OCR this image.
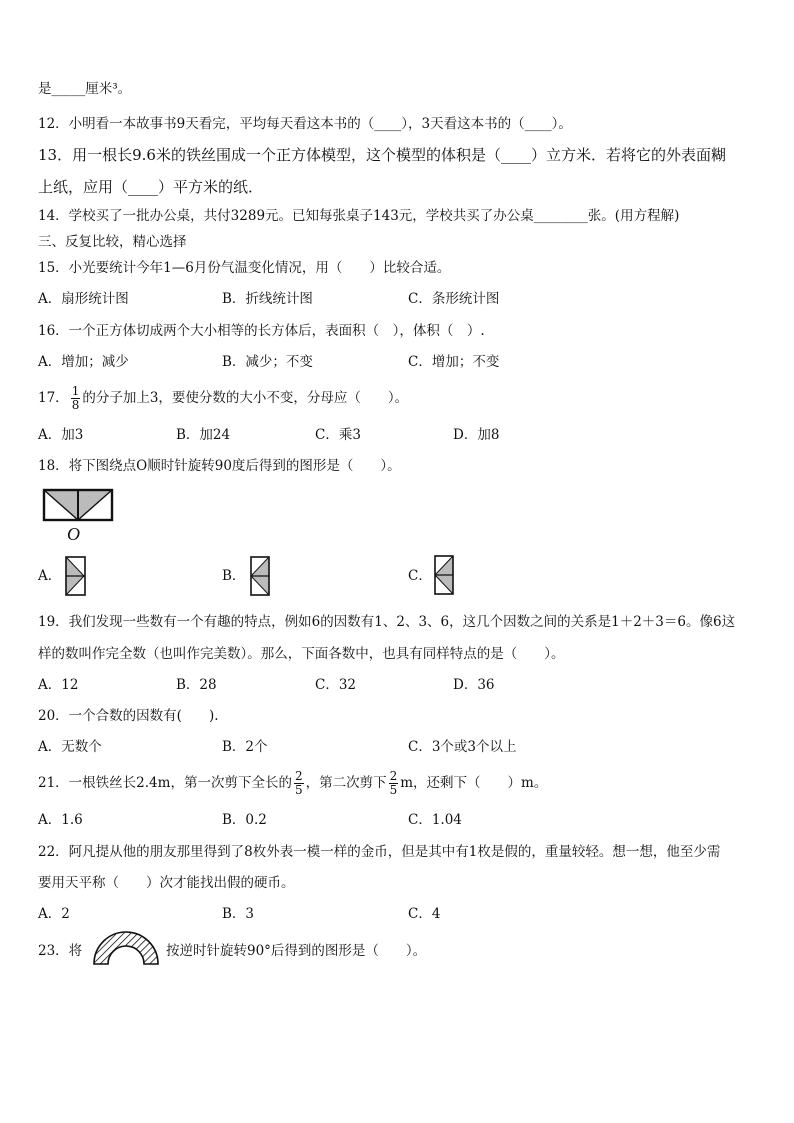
是_____厘米³。
12．小明看一本故事书9天看完，平均每天看这本书的（____），3天看这本书的（____）。
13．用一根长9.6米的铁丝围成一个正方体模型，这个模型的体积是（____）立方米．若将它的外表面糊
上纸，应用（____）平方米的纸．
14．学校买了一批办公桌，共付3289元。已知每张桌子143元，学校共买了办公桌________张。(用方程解)
三、反复比较，精心选择
15．小光要统计今年1—6月份气温变化情况，用（　　）比较合适。
A．扇形统计图	B．折线统计图	C．条形统计图
16．一个正方体切成两个大小相等的长方体后，表面积（　），体积（　）.
A．增加；减少	B．减少；不变	C．增加；不变
17． $\frac{1}{8}$ 的分子加上3，要使分数的大小不变，分母应（　　）。
A．加3	B．加24	C．乘3	D．加8
18．将下图绕点O顺时针旋转90度后得到的图形是（　　）。
O
A．	B．	C．
19．我们发现一些数有一个有趣的特点，例如6的因数有1、2、3、6，这几个因数之间的关系是1＋2＋3＝6。像6这
样的数叫作完全数（也叫作完美数）。那么，下面各数中，也具有同样特点的是（　　）。
A．12	B．28	C．32	D．36
20．一个合数的因数有(　　).
A．无数个	B．2个	C．3个或3个以上
21．一根铁丝长2.4m，第一次剪下全长的 $\frac{2}{5}$ ，第二次剪下 $\frac{2}{5}$ m，还剩下（　　）m。
A．1.6	B．0.2	C．1.04
22．阿凡提从他的朋友那里得到了8枚外表一模一样的金币，但是其中有1枚是假的，重量较轻。想一想，他至少需
要用天平称（　　）次才能找出假的硬币。
A．2	B．3	C．4
23．将	按逆时针旋转90°后得到的图形是（　　）。
